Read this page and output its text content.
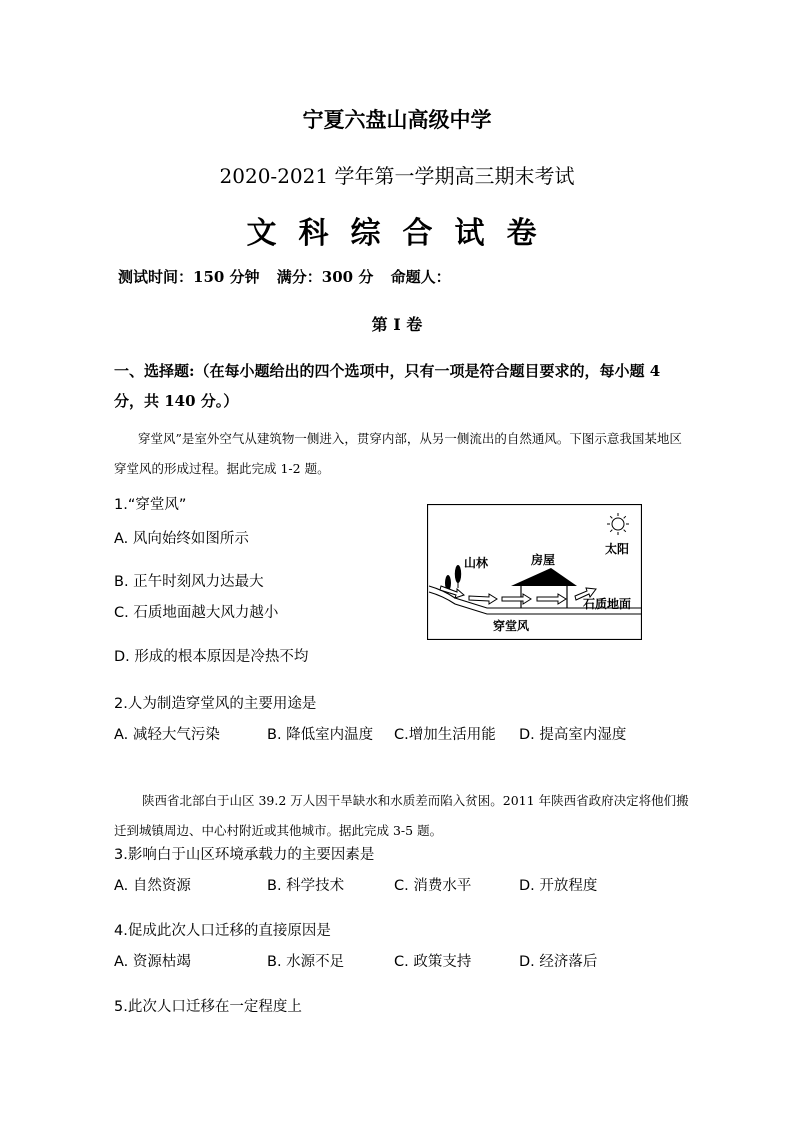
宁夏六盘山高级中学
2020-2021 学年第一学期高三期末考试
文科综合试卷
测试时间：150 分钟 满分：300 分 命题人：
第 I 卷
一、选择题:（在每小题给出的四个选项中，只有一项是符合题目要求的，每小题 4 分，共 140 分。）
穿堂风”是室外空气从建筑物一侧进入，贯穿内部，从另一侧流出的自然通风。下图示意我国某地区穿堂风的形成过程。据此完成 1-2 题。
1.“穿堂风”
A. 风向始终如图所示
B. 正午时刻风力达最大
C. 石质地面越大风力越小
D. 形成的根本原因是冷热不均
太阳
山林	房屋
石质地面
穿堂风
2.人为制造穿堂风的主要用途是
A. 减轻大气污染	B. 降低室内温度 C.增加生活用能 D. 提高室内湿度
陕西省北部白于山区 39.2 万人因干旱缺水和水质差而陷入贫困。2011 年陕西省政府决定将他们搬迁到城镇周边、中心村附近或其他城市。据此完成 3-5 题。
3.影响白于山区环境承载力的主要因素是
A. 自然资源	B. 科学技术	C. 消费水平	D. 开放程度
4.促成此次人口迁移的直接原因是
A. 资源枯竭	B. 水源不足	C. 政策支持	D. 经济落后
5.此次人口迁移在一定程度上
